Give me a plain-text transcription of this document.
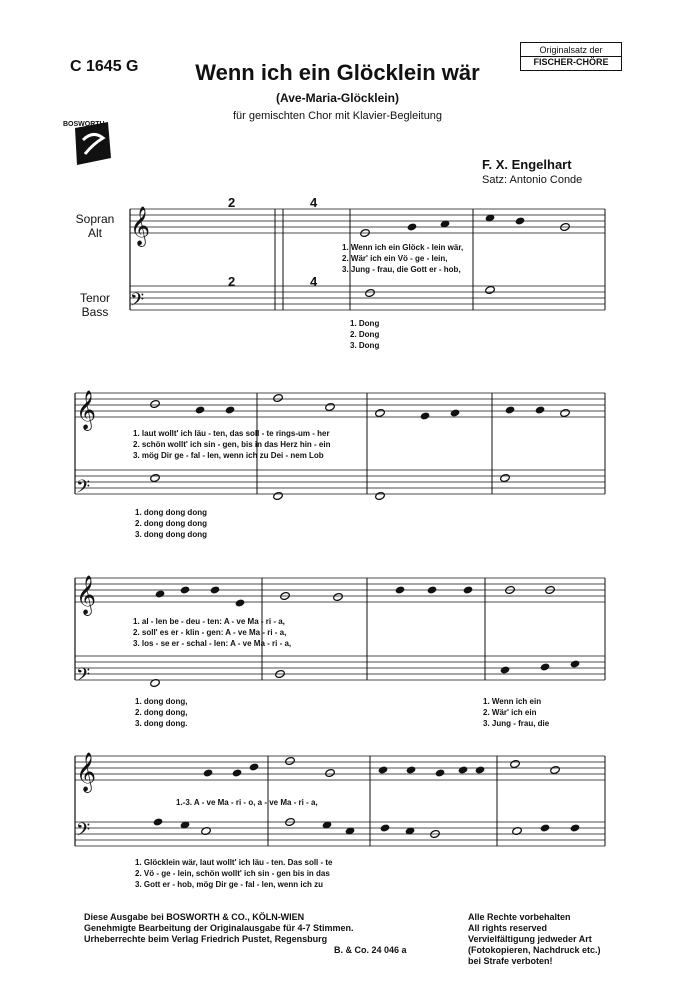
C 1645 G	Wenn ich ein Glöcklein wär
(Ave-Maria-Glöcklein)
für gemischten Chor mit Klavier-Begleitung
Originalsatz der
FISCHER-CHÖRE
F. X. Engelhart
Satz: Antonio Conde
BOSWORTH
Sopran
Alt
Tenor
Bass
𝄞
𝄞
𝄞
𝄞
𝄢
𝄢
𝄢
𝄢
2	4
2	4
1. Wenn ich ein Glöck - lein wär,
2. Wär' ich ein Vö - ge - lein,
3. Jung - frau, die Gott er - hob,
1. Dong
2. Dong
3. Dong
1. laut wollt' ich läu - ten, das soll - te rings-um - her
2. schön wollt' ich sin - gen, bis in das Herz hin - ein
3. mög Dir ge - fal - len, wenn ich zu Dei - nem Lob
1. dong dong dong
2. dong dong dong
3. dong dong dong
1. al - len be - deu - ten: A - ve Ma - ri - a,
2. soll' es er - klin - gen: A - ve Ma - ri - a,
3. los - se er - schal - len: A - ve Ma - ri - a,
1. dong dong,
2. dong dong,
3. dong dong.
1. Wenn ich ein
2. Wär' ich ein
3. Jung - frau, die
1.-3. A - ve Ma - ri - o, a - ve Ma - ri - a,
1. Glöcklein wär, laut wollt' ich läu - ten. Das soll - te
2. Vö - ge - lein, schön wollt' ich sin - gen bis in das
3. Gott er - hob, mög Dir ge - fal - len, wenn ich zu
Diese Ausgabe bei BOSWORTH & CO., KÖLN-WIEN
Genehmigte Bearbeitung der Originalausgabe für 4-7 Stimmen.
Urheberrechte beim Verlag Friedrich Pustet, Regensburg
B. & Co. 24 046 a
Alle Rechte vorbehalten
All rights reserved
Vervielfältigung jedweder Art
(Fotokopieren, Nachdruck etc.)
bei Strafe verboten!
